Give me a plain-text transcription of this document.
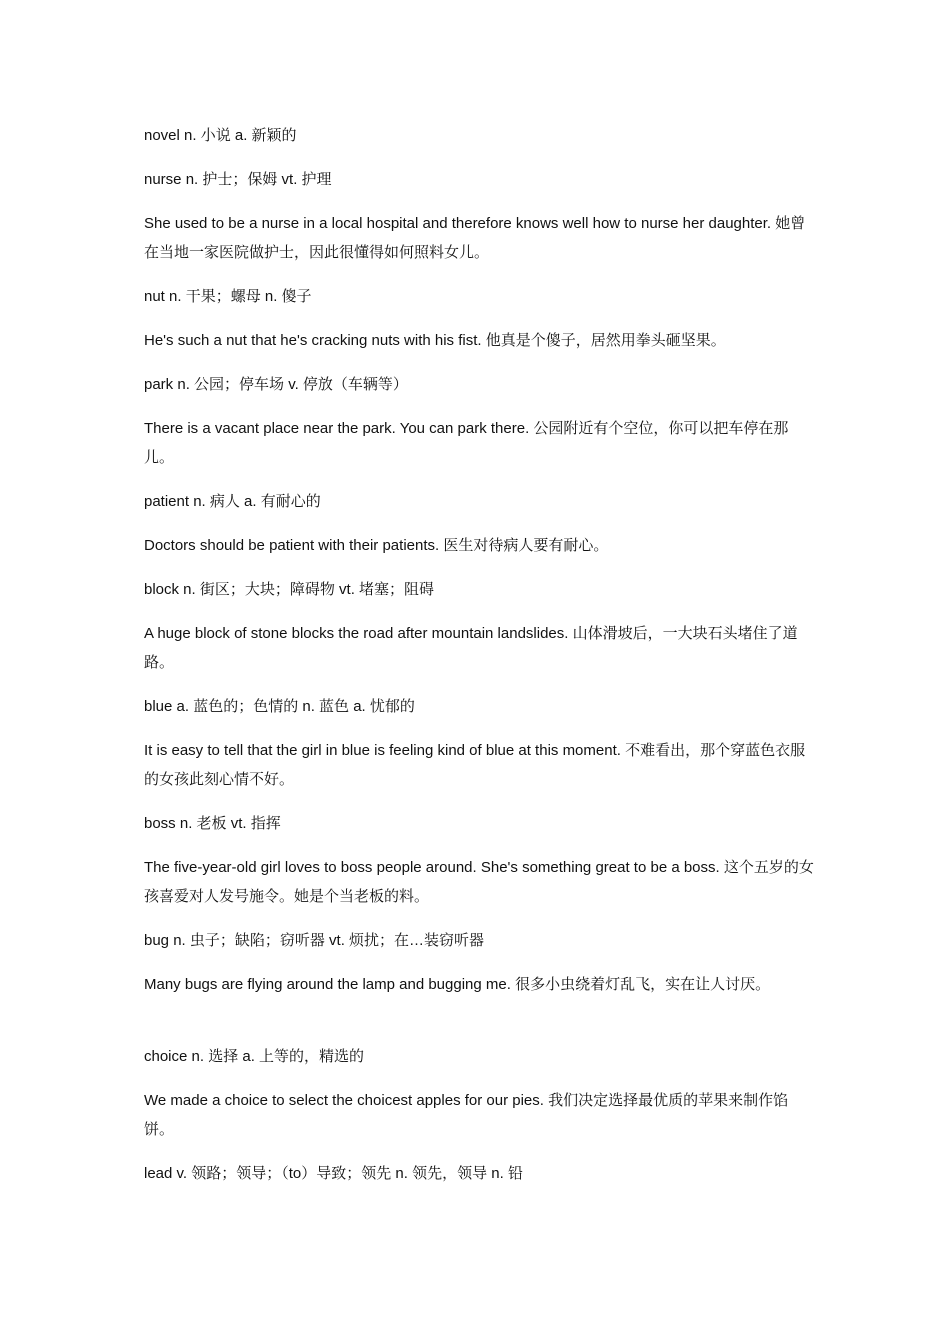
novel n. 小说 a. 新颖的

nurse n. 护士；保姆 vt. 护理

She used to be a nurse in a local hospital and therefore knows well how to nurse her daughter. 她曾在当地一家医院做护士，因此很懂得如何照料女儿。

nut n. 干果；螺母 n. 傻子

He's such a nut that he's cracking nuts with his fist. 他真是个傻子，居然用拳头砸坚果。

park n. 公园；停车场 v. 停放（车辆等）

There is a vacant place near the park. You can park there. 公园附近有个空位，你可以把车停在那儿。

patient n. 病人 a. 有耐心的

Doctors should be patient with their patients. 医生对待病人要有耐心。

block n. 街区；大块；障碍物 vt. 堵塞；阻碍

A huge block of stone blocks the road after mountain landslides. 山体滑坡后，一大块石头堵住了道路。

blue a. 蓝色的；色情的 n. 蓝色 a. 忧郁的

It is easy to tell that the girl in blue is feeling kind of blue at this moment. 不难看出，那个穿蓝色衣服的女孩此刻心情不好。

boss n. 老板 vt. 指挥

The five-year-old girl loves to boss people around. She's something great to be a boss. 这个五岁的女孩喜爱对人发号施令。她是个当老板的料。

bug n. 虫子；缺陷；窃听器 vt. 烦扰；在…装窃听器

Many bugs are flying around the lamp and bugging me. 很多小虫绕着灯乱飞，实在让人讨厌。

choice n. 选择 a. 上等的，精选的

We made a choice to select the choicest apples for our pies. 我们决定选择最优质的苹果来制作馅饼。

lead v. 领路；领导；（to）导致；领先 n. 领先，领导 n. 铅
